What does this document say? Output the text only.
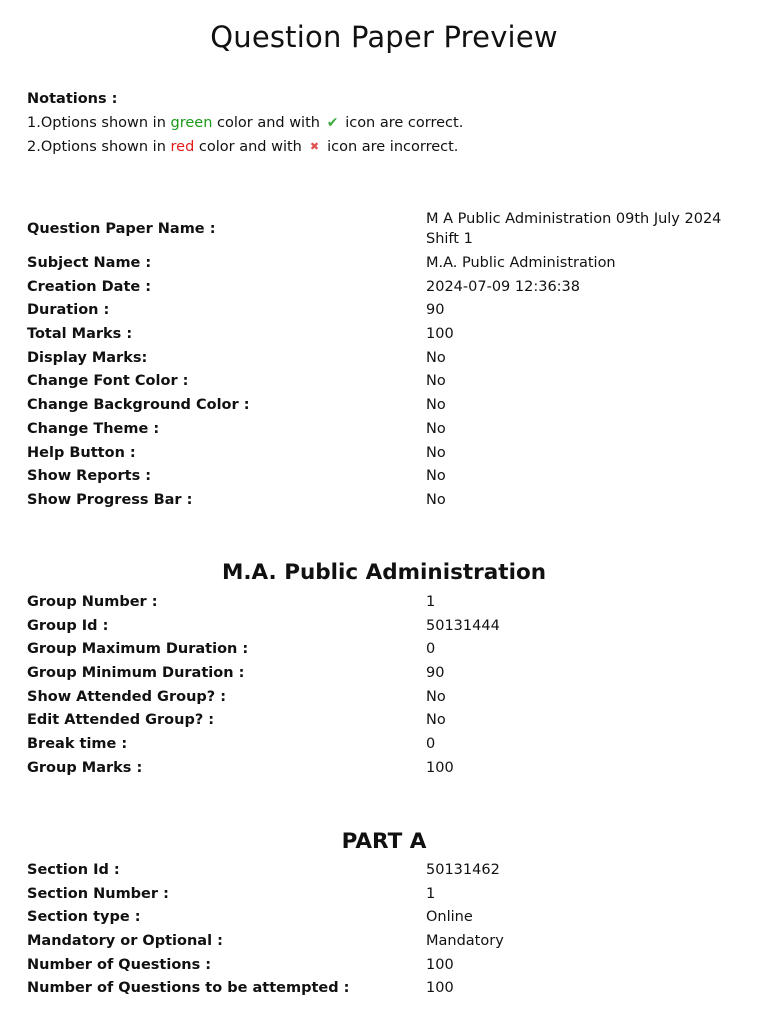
Question Paper Preview
Notations :
1.Options shown in green color and with ✔ icon are correct.
2.Options shown in red color and with ✖ icon are incorrect.
Question Paper Name :
M A Public Administration 09th July 2024 Shift 1
Subject Name :	M.A. Public Administration
Creation Date :	2024-07-09 12:36:38
Duration :	90
Total Marks :	100
Display Marks:	No
Change Font Color :	No
Change Background Color :	No
Change Theme :	No
Help Button :	No
Show Reports :	No
Show Progress Bar :	No
M.A. Public Administration
Group Number :	1
Group Id :	50131444
Group Maximum Duration :	0
Group Minimum Duration :	90
Show Attended Group? :	No
Edit Attended Group? :	No
Break time :	0
Group Marks :	100
PART A
Section Id :	50131462
Section Number :	1
Section type :	Online
Mandatory or Optional :	Mandatory
Number of Questions :	100
Number of Questions to be attempted :	100
